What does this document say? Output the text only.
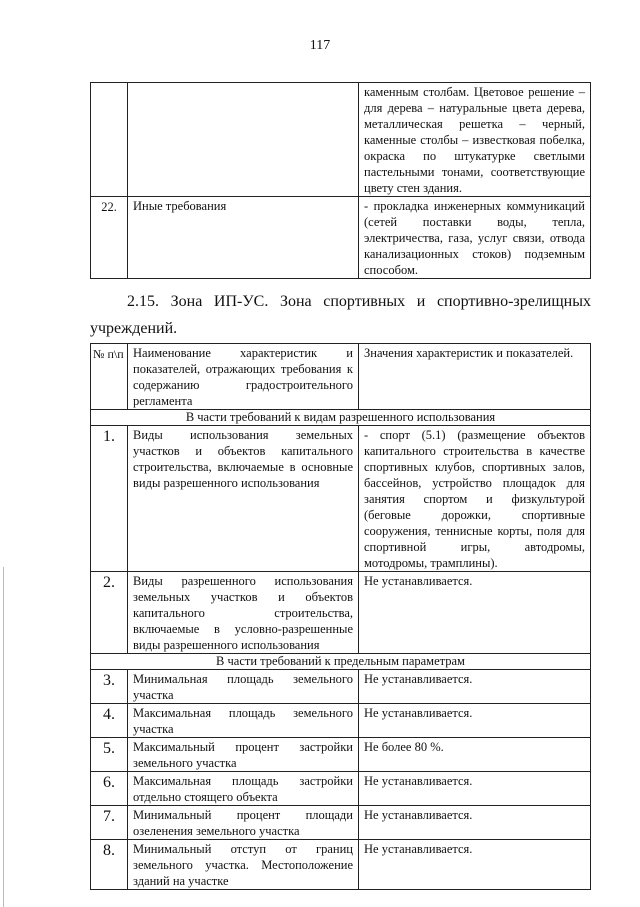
117
		каменным столбам. Цветовое решение – для дерева – натуральные цвета дерева, металлическая решетка – черный, каменные столбы – известковая побелка, окраска по штукатурке светлыми пастельными тонами, соответствующие цвету стен здания.
22.	Иные требования	- прокладка инженерных коммуникаций (сетей поставки воды, тепла, электричества, газа, услуг связи, отвода канализационных стоков) подземным способом.
2.15. Зона ИП-УС. Зона спортивных и спортивно-зрелищных
учреждений.
№ п\п	Наименование характеристик и показателей, отражающих требования к содержанию градостроительного регламента	Значения характеристик и показателей.
В части требований к видам разрешенного использования		
1.	Виды использования земельных участков и объектов капитального строительства, включаемые в основные виды разрешенного использования	- спорт (5.1) (размещение объектов капитального строительства в качестве спортивных клубов, спортивных залов, бассейнов, устройство площадок для занятия спортом и физкультурой (беговые дорожки, спортивные сооружения, теннисные корты, поля для спортивной игры, автодромы, мотодромы, трамплины).
2.	Виды разрешенного использования земельных участков и объектов капитального строительства, включаемые в условно-разрешенные виды разрешенного использования	Не устанавливается.
В части требований к предельным параметрам		
3.	Минимальная площадь земельного участка	Не устанавливается.
4.	Максимальная площадь земельного участка	Не устанавливается.
5.	Максимальный процент застройки земельного участка	Не более 80 %.
6.	Максимальная площадь застройки отдельно стоящего объекта	Не устанавливается.
7.	Минимальный процент площади озеленения земельного участка	Не устанавливается.
8.	Минимальный отступ от границ земельного участка. Местоположение зданий на участке	Не устанавливается.
